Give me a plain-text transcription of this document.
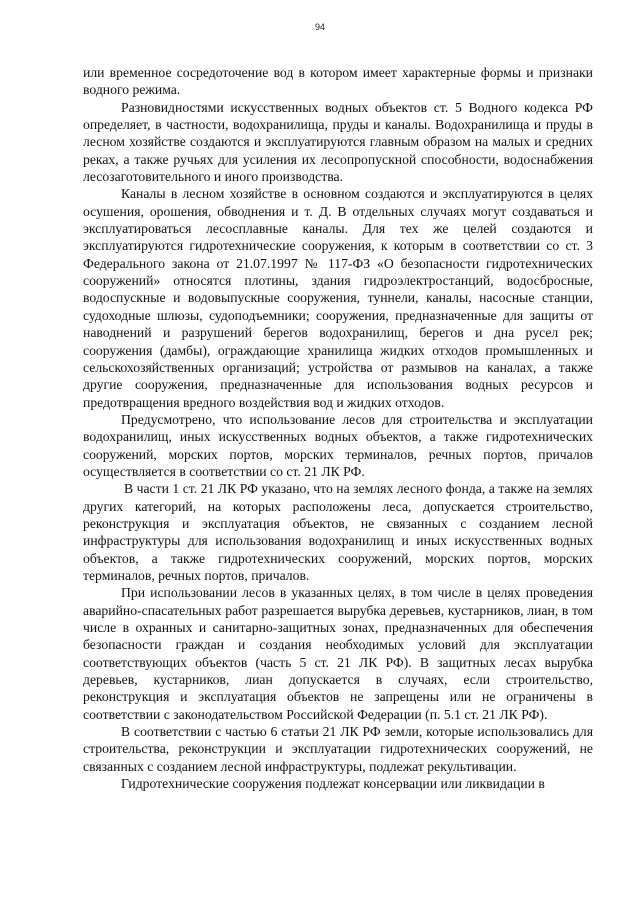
94

или временное сосредоточение вод в котором имеет характерные формы и признаки водного режима.

Разновидностями искусственных водных объектов ст. 5 Водного кодекса РФ определяет, в частности, водохранилища, пруды и каналы. Водохранилища и пруды в лесном хозяйстве создаются и эксплуатируются главным образом на малых и средних реках, а также ручьях для усиления их лесопропускной способности, водоснабжения лесозаготовительного и иного производства.

Каналы в лесном хозяйстве в основном создаются и эксплуатируются в целях осушения, орошения, обводнения и т. Д. В отдельных случаях могут создаваться и эксплуатироваться лесосплавные каналы. Для тех же целей создаются и эксплуатируются гидротехнические сооружения, к которым в соответствии со ст. 3 Федерального закона от 21.07.1997 № 117-ФЗ «О безопасности гидротехнических сооружений» относятся плотины, здания гидроэлектростанций, водосбросные, водоспускные и водовыпускные сооружения, туннели, каналы, насосные станции, судоходные шлюзы, судоподъемники; сооружения, предназначенные для защиты от наводнений и разрушений берегов водохранилищ, берегов и дна русел рек; сооружения (дамбы), ограждающие хранилища жидких отходов промышленных и сельскохозяйственных организаций; устройства от размывов на каналах, а также другие сооружения, предназначенные для использования водных ресурсов и предотвращения вредного воздействия вод и жидких отходов.

Предусмотрено, что использование лесов для строительства и эксплуатации водохранилищ, иных искусственных водных объектов, а также гидротехнических сооружений, морских портов, морских терминалов, речных портов, причалов осуществляется в соответствии со ст. 21 ЛК РФ.

В части 1 ст. 21 ЛК РФ указано, что на землях лесного фонда, а также на землях других категорий, на которых расположены леса, допускается строительство, реконструкция и эксплуатация объектов, не связанных с созданием лесной инфраструктуры для использования водохранилищ и иных искусственных водных объектов, а также гидротехнических сооружений, морских портов, морских терминалов, речных портов, причалов.

При использовании лесов в указанных целях, в том числе в целях проведения аварийно-спасательных работ разрешается вырубка деревьев, кустарников, лиан, в том числе в охранных и санитарно-защитных зонах, предназначенных для обеспечения безопасности граждан и создания необходимых условий для эксплуатации соответствующих объектов (часть 5 ст. 21 ЛК РФ). В защитных лесах вырубка деревьев, кустарников, лиан допускается в случаях, если строительство, реконструкция и эксплуатация объектов не запрещены или не ограничены в соответствии с законодательством Российской Федерации (п. 5.1 ст. 21 ЛК РФ).

В соответствии с частью 6 статьи 21 ЛК РФ земли, которые использовались для строительства, реконструкции и эксплуатации гидротехнических сооружений, не связанных с созданием лесной инфраструктуры, подлежат рекультивации.

Гидротехнические сооружения подлежат консервации или ликвидации в
